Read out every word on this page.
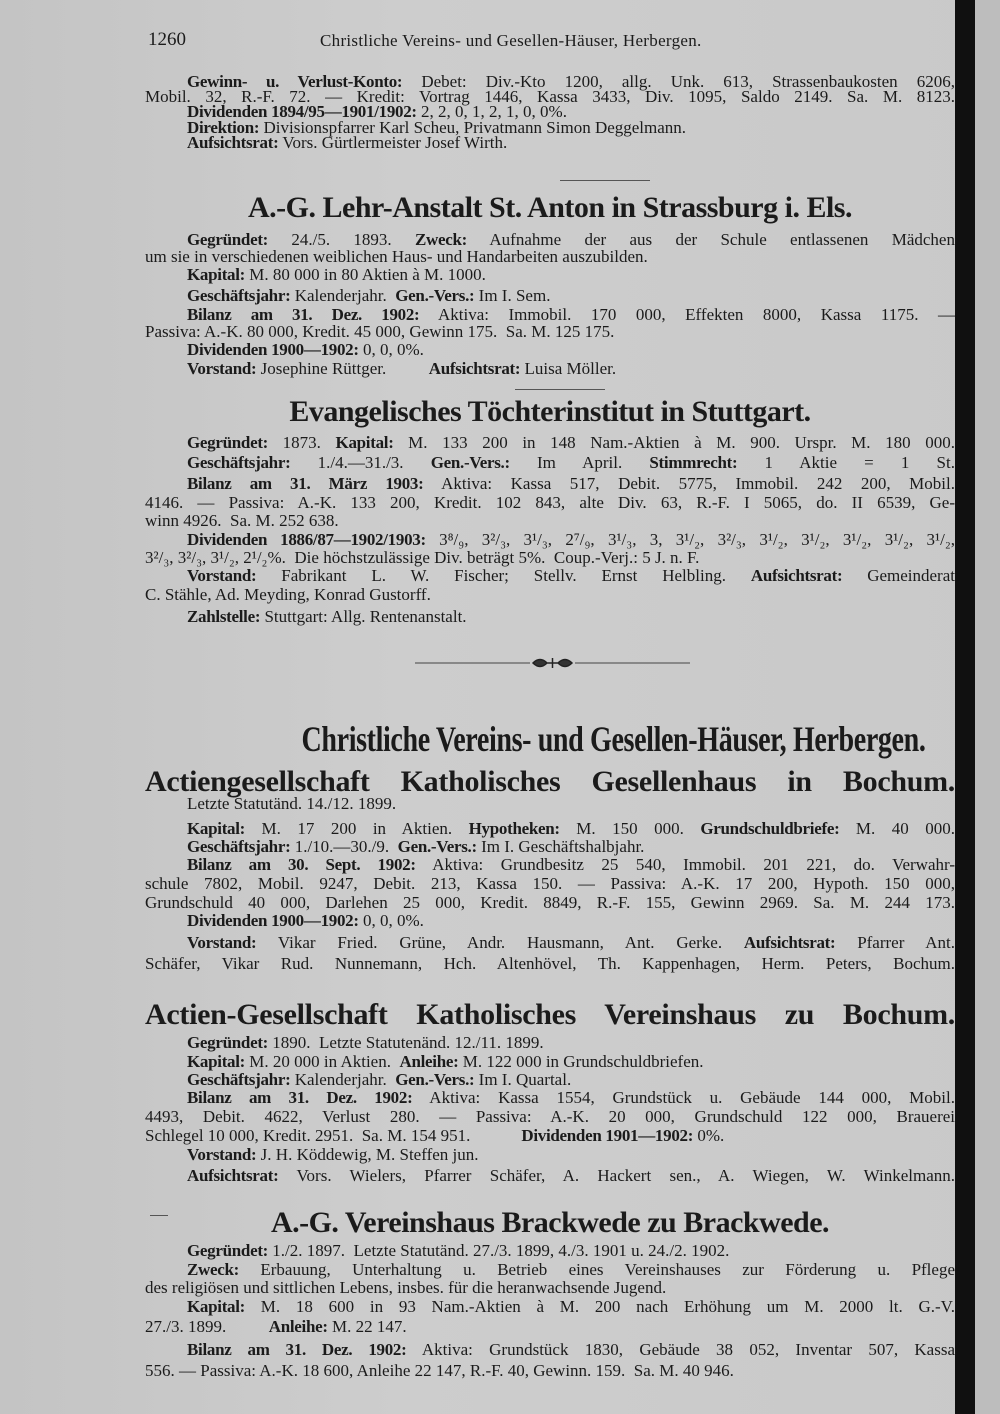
1260	Christliche Vereins- und Gesellen-Häuser, Herbergen.
Christliche Vereins- und Gesellen-Häuser, Herbergen.
Gewinn- u. Verlust-Konto: Debet: Div.-Kto 1200, allg. Unk. 613, Strassenbaukosten 6206,
Mobil. 32, R.-F. 72. — Kredit: Vortrag 1446, Kassa 3433, Div. 1095, Saldo 2149. Sa. M. 8123.
Dividenden 1894/95—1901/1902: 2, 2, 0, 1, 2, 1, 0, 0%.
Direktion: Divisionspfarrer Karl Scheu, Privatmann Simon Deggelmann.
Aufsichtsrat: Vors. Gürtlermeister Josef Wirth.
A.-G. Lehr-Anstalt St. Anton in Strassburg i. Els.
Gegründet: 24./5. 1893. Zweck: Aufnahme der aus der Schule entlassenen Mädchen
um sie in verschiedenen weiblichen Haus- und Handarbeiten auszubilden.
Kapital: M. 80 000 in 80 Aktien à M. 1000.
Geschäftsjahr: Kalenderjahr.  Gen.-Vers.: Im I. Sem.
Bilanz am 31. Dez. 1902: Aktiva: Immobil. 170 000, Effekten 8000, Kassa 1175. —
Passiva: A.-K. 80 000, Kredit. 45 000, Gewinn 175.  Sa. M. 125 175.
Dividenden 1900—1902: 0, 0, 0%.
Vorstand: Josephine Rüttger.          Aufsichtsrat: Luisa Möller.
Evangelisches Töchterinstitut in Stuttgart.
Gegründet: 1873. Kapital: M. 133 200 in 148 Nam.-Aktien à M. 900. Urspr. M. 180 000.
Geschäftsjahr: 1./4.—31./3. Gen.-Vers.: Im April. Stimmrecht: 1 Aktie = 1 St.
Bilanz am 31. März 1903: Aktiva: Kassa 517, Debit. 5775, Immobil. 242 200, Mobil.
4146. — Passiva: A.-K. 133 200, Kredit. 102 843, alte Div. 63, R.-F. I 5065, do. II 6539, Ge-
winn 4926.  Sa. M. 252 638.
Dividenden 1886/87—1902/1903: 3⁸/₉, 3²/₃, 3¹/₃, 2⁷/₉, 3¹/₃, 3, 3¹/₂, 3²/₃, 3¹/₂, 3¹/₂, 3¹/₂, 3¹/₂, 3¹/₂,
3²/₃, 3²/₃, 3¹/₂, 2¹/₂%.  Die höchstzulässige Div. beträgt 5%.  Coup.-Verj.: 5 J. n. F.
Vorstand: Fabrikant L. W. Fischer; Stellv. Ernst Helbling. Aufsichtsrat: Gemeinderat
C. Stähle, Ad. Meyding, Konrad Gustorff.
Zahlstelle: Stuttgart: Allg. Rentenanstalt.
Actiengesellschaft Katholisches Gesellenhaus in Bochum.
Letzte Statutänd. 14./12. 1899.
Kapital: M. 17 200 in Aktien. Hypotheken: M. 150 000. Grundschuldbriefe: M. 40 000.
Geschäftsjahr: 1./10.—30./9.  Gen.-Vers.: Im I. Geschäftshalbjahr.
Bilanz am 30. Sept. 1902: Aktiva: Grundbesitz 25 540, Immobil. 201 221, do. Verwahr-
schule 7802, Mobil. 9247, Debit. 213, Kassa 150. — Passiva: A.-K. 17 200, Hypoth. 150 000,
Grundschuld 40 000, Darlehen 25 000, Kredit. 8849, R.-F. 155, Gewinn 2969. Sa. M. 244 173.
Dividenden 1900—1902: 0, 0, 0%.
Vorstand: Vikar Fried. Grüne, Andr. Hausmann, Ant. Gerke. Aufsichtsrat: Pfarrer Ant.
Schäfer, Vikar Rud. Nunnemann, Hch. Altenhövel, Th. Kappenhagen, Herm. Peters, Bochum.
Actien-Gesellschaft Katholisches Vereinshaus zu Bochum.
Gegründet: 1890.  Letzte Statutenänd. 12./11. 1899.
Kapital: M. 20 000 in Aktien.  Anleihe: M. 122 000 in Grundschuldbriefen.
Geschäftsjahr: Kalenderjahr.  Gen.-Vers.: Im I. Quartal.
Bilanz am 31. Dez. 1902: Aktiva: Kassa 1554, Grundstück u. Gebäude 144 000, Mobil.
4493, Debit. 4622, Verlust 280. — Passiva: A.-K. 20 000, Grundschuld 122 000, Brauerei
Schlegel 10 000, Kredit. 2951.  Sa. M. 154 951.            Dividenden 1901—1902: 0%.
Vorstand: J. H. Köddewig, M. Steffen jun.
Aufsichtsrat: Vors. Wielers, Pfarrer Schäfer, A. Hackert sen., A. Wiegen, W. Winkelmann.
A.-G. Vereinshaus Brackwede zu Brackwede.
Gegründet: 1./2. 1897.  Letzte Statutänd. 27./3. 1899, 4./3. 1901 u. 24./2. 1902.
Zweck: Erbauung, Unterhaltung u. Betrieb eines Vereinshauses zur Förderung u. Pflege
des religiösen und sittlichen Lebens, insbes. für die heranwachsende Jugend.
Kapital: M. 18 600 in 93 Nam.-Aktien à M. 200 nach Erhöhung um M. 2000 lt. G.-V.
27./3. 1899.          Anleihe: M. 22 147.
Bilanz am 31. Dez. 1902: Aktiva: Grundstück 1830, Gebäude 38 052, Inventar 507, Kassa
556. — Passiva: A.-K. 18 600, Anleihe 22 147, R.-F. 40, Gewinn. 159.  Sa. M. 40 946.
